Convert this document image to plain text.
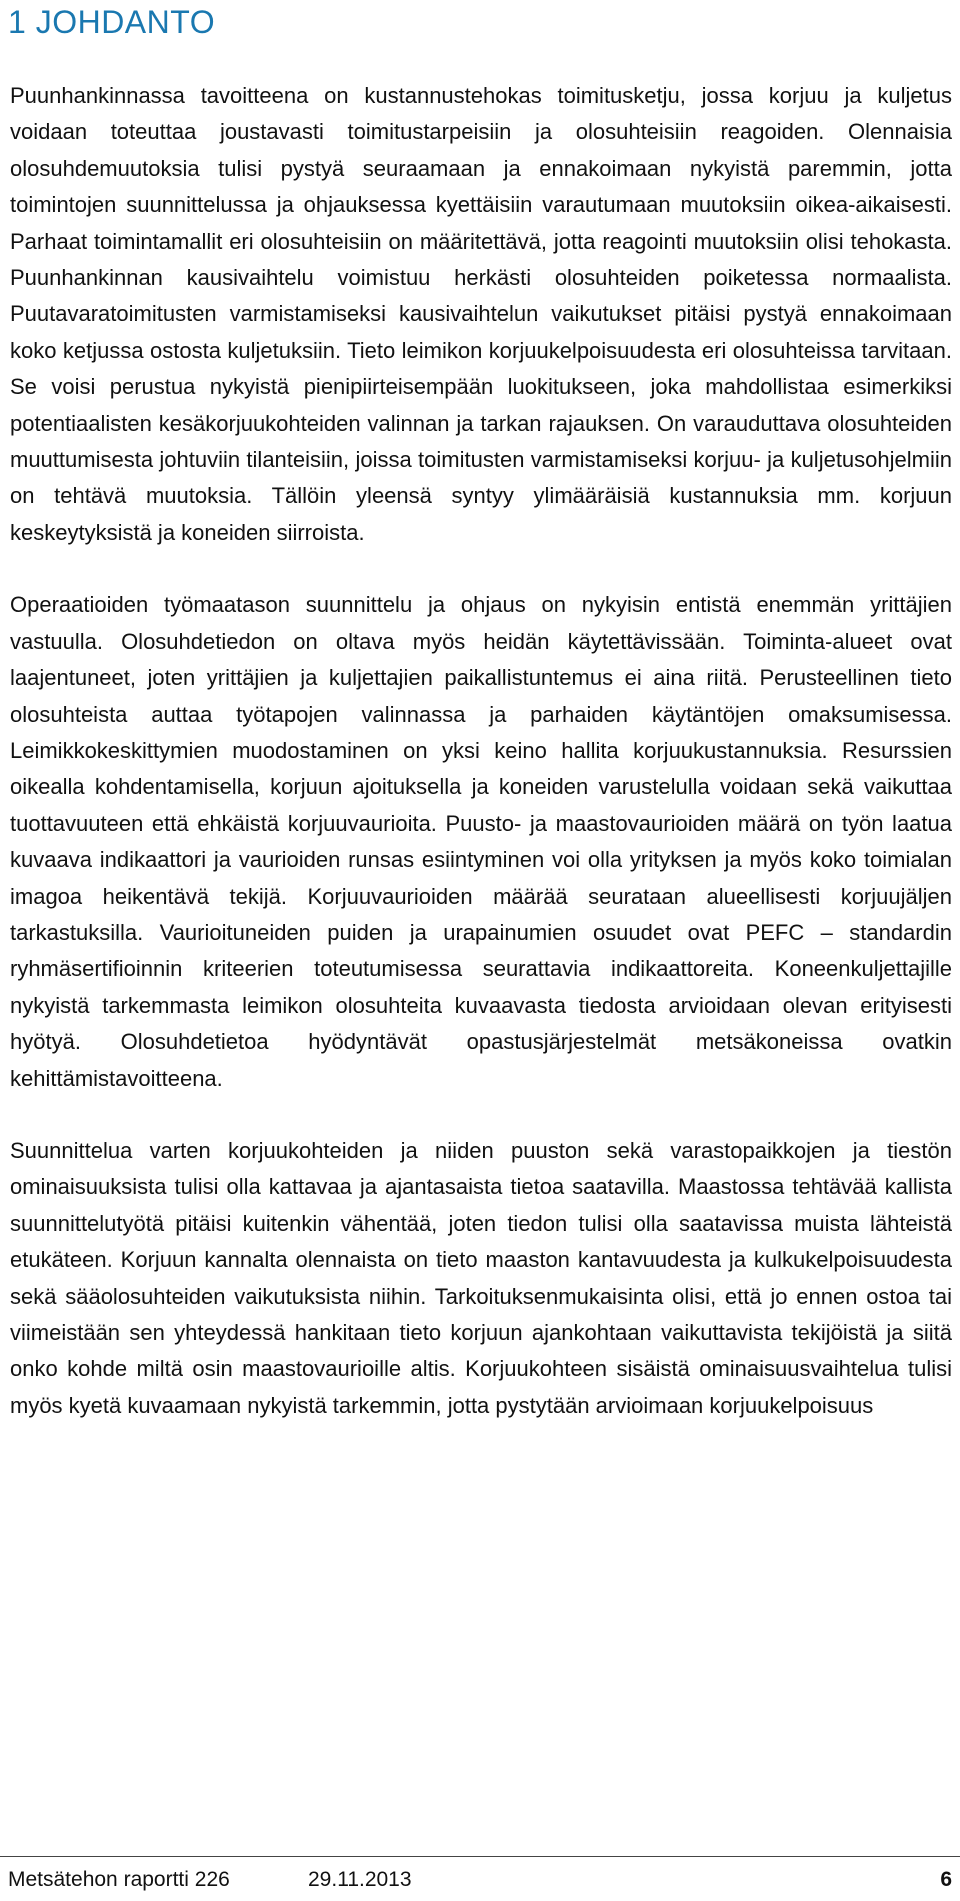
1 JOHDANTO

Puunhankinnassa tavoitteena on kustannustehokas toimitusketju, jossa korjuu ja kuljetus voidaan toteuttaa joustavasti toimitustarpeisiin ja olosuhteisiin reagoiden. Olennaisia olosuhdemuutoksia tulisi pystyä seuraamaan ja ennakoimaan nykyistä paremmin, jotta toimintojen suunnittelussa ja ohjauksessa kyettäisiin varautumaan muutoksiin oikea-aikaisesti. Parhaat toimintamallit eri olosuhteisiin on määritettävä, jotta reagointi muutoksiin olisi tehokasta. Puunhankinnan kausivaihtelu voimistuu herkästi olosuhteiden poiketessa normaalista. Puutavaratoimitusten varmistamiseksi kausivaihtelun vaikutukset pitäisi pystyä ennakoimaan koko ketjussa ostosta kuljetuksiin. Tieto leimikon korjuukelpoisuudesta eri olosuhteissa tarvitaan. Se voisi perustua nykyistä pienipiirteisempään luokitukseen, joka mahdollistaa esimerkiksi potentiaalisten kesäkorjuukohteiden valinnan ja tarkan rajauksen. On varauduttava olosuhteiden muuttumisesta johtuviin tilanteisiin, joissa toimitusten varmistamiseksi korjuu- ja kuljetusohjelmiin on tehtävä muutoksia. Tällöin yleensä syntyy ylimääräisiä kustannuksia mm. korjuun keskeytyksistä ja koneiden siirroista.

Operaatioiden työmaatason suunnittelu ja ohjaus on nykyisin entistä enemmän yrittäjien vastuulla. Olosuhdetiedon on oltava myös heidän käytettävissään. Toiminta-alueet ovat laajentuneet, joten yrittäjien ja kuljettajien paikallistuntemus ei aina riitä. Perusteellinen tieto olosuhteista auttaa työtapojen valinnassa ja parhaiden käytäntöjen omaksumisessa. Leimikkokeskittymien muodostaminen on yksi keino hallita korjuukustannuksia. Resurssien oikealla kohdentamisella, korjuun ajoituksella ja koneiden varustelulla voidaan sekä vaikuttaa tuottavuuteen että ehkäistä korjuuvaurioita. Puusto- ja maastovaurioiden määrä on työn laatua kuvaava indikaattori ja vaurioiden runsas esiintyminen voi olla yrityksen ja myös koko toimialan imagoa heikentävä tekijä. Korjuuvaurioiden määrää seurataan alueellisesti korjuujäljen tarkastuksilla. Vaurioituneiden puiden ja urapainumien osuudet ovat PEFC – standardin ryhmäsertifioinnin kriteerien toteutumisessa seurattavia indikaattoreita. Koneenkuljettajille nykyistä tarkemmasta leimikon olosuhteita kuvaavasta tiedosta arvioidaan olevan erityisesti hyötyä. Olosuhdetietoa hyödyntävät opastusjärjestelmät metsäkoneissa ovatkin kehittämistavoitteena.

Suunnittelua varten korjuukohteiden ja niiden puuston sekä varastopaikkojen ja tiestön ominaisuuksista tulisi olla kattavaa ja ajantasaista tietoa saatavilla. Maastossa tehtävää kallista suunnittelutyötä pitäisi kuitenkin vähentää, joten tiedon tulisi olla saatavissa muista lähteistä etukäteen. Korjuun kannalta olennaista on tieto maaston kantavuudesta ja kulkukelpoisuudesta sekä sääolosuhteiden vaikutuksista niihin. Tarkoituksenmukaisinta olisi, että jo ennen ostoa tai viimeistään sen yhteydessä hankitaan tieto korjuun ajankohtaan vaikuttavista tekijöistä ja siitä onko kohde miltä osin maastovaurioille altis. Korjuukohteen sisäistä ominaisuusvaihtelua tulisi myös kyetä kuvaamaan nykyistä tarkemmin, jotta pystytään arvioimaan korjuukelpoisuus

Metsätehon raportti 226	29.11.2013	6
